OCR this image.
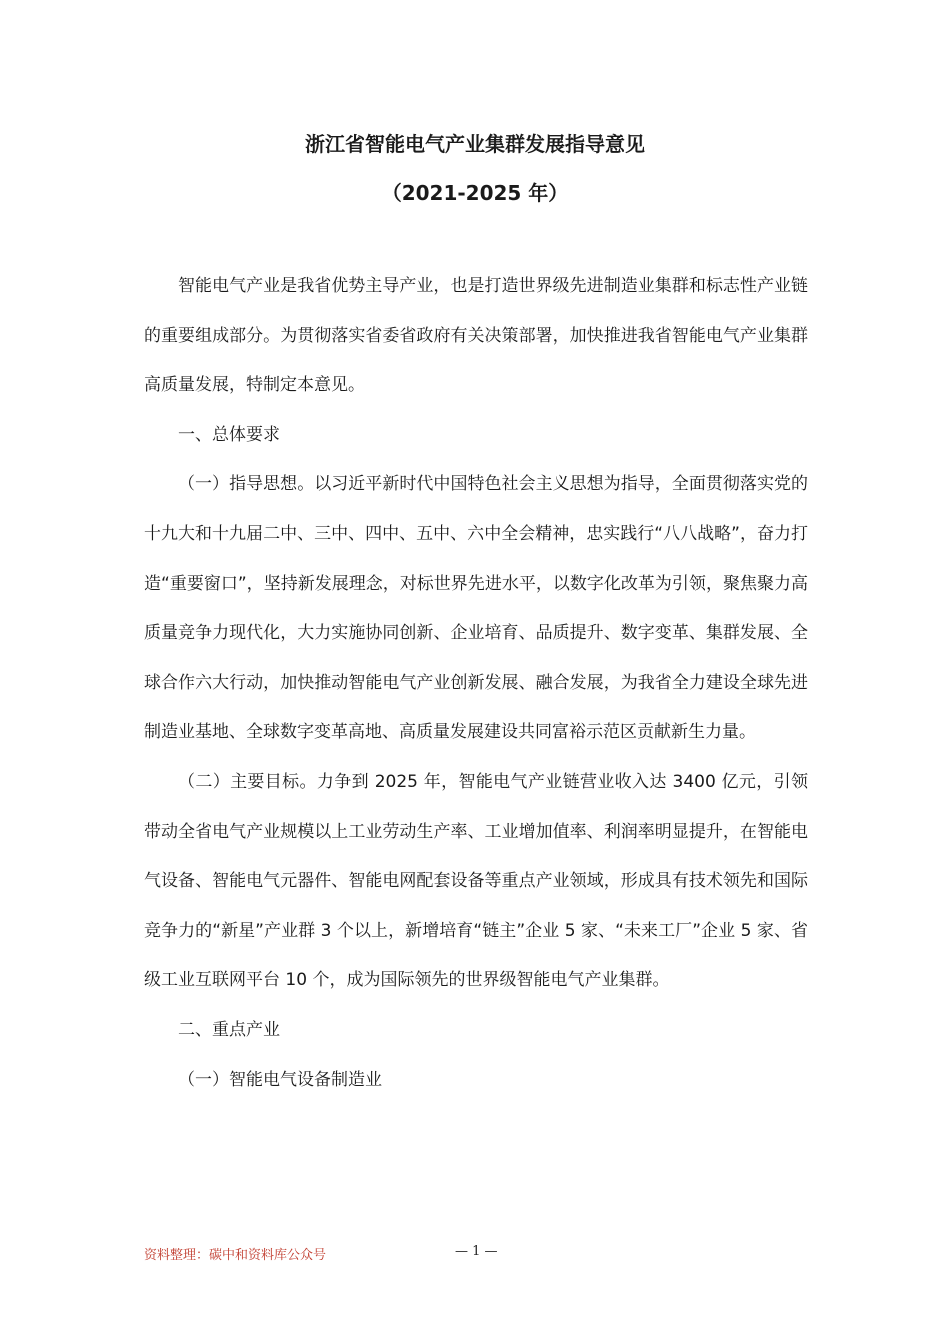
浙江省智能电气产业集群发展指导意见
（2021-2025 年）

智能电气产业是我省优势主导产业，也是打造世界级先进制造业集群和标志性产业链的重要组成部分。为贯彻落实省委省政府有关决策部署，加快推进我省智能电气产业集群高质量发展，特制定本意见。

一、总体要求

（一）指导思想。以习近平新时代中国特色社会主义思想为指导，全面贯彻落实党的十九大和十九届二中、三中、四中、五中、六中全会精神，忠实践行“八八战略”，奋力打造“重要窗口”，坚持新发展理念，对标世界先进水平，以数字化改革为引领，聚焦聚力高质量竞争力现代化，大力实施协同创新、企业培育、品质提升、数字变革、集群发展、全球合作六大行动，加快推动智能电气产业创新发展、融合发展，为我省全力建设全球先进制造业基地、全球数字变革高地、高质量发展建设共同富裕示范区贡献新生力量。

（二）主要目标。力争到 2025 年，智能电气产业链营业收入达 3400 亿元，引领带动全省电气产业规模以上工业劳动生产率、工业增加值率、利润率明显提升，在智能电气设备、智能电气元器件、智能电网配套设备等重点产业领域，形成具有技术领先和国际竞争力的“新星”产业群 3 个以上，新增培育“链主”企业 5 家、“未来工厂”企业 5 家、省级工业互联网平台 10 个，成为国际领先的世界级智能电气产业集群。

二、重点产业

（一）智能电气设备制造业

资料整理：碳中和资料库公众号	— 1 —
